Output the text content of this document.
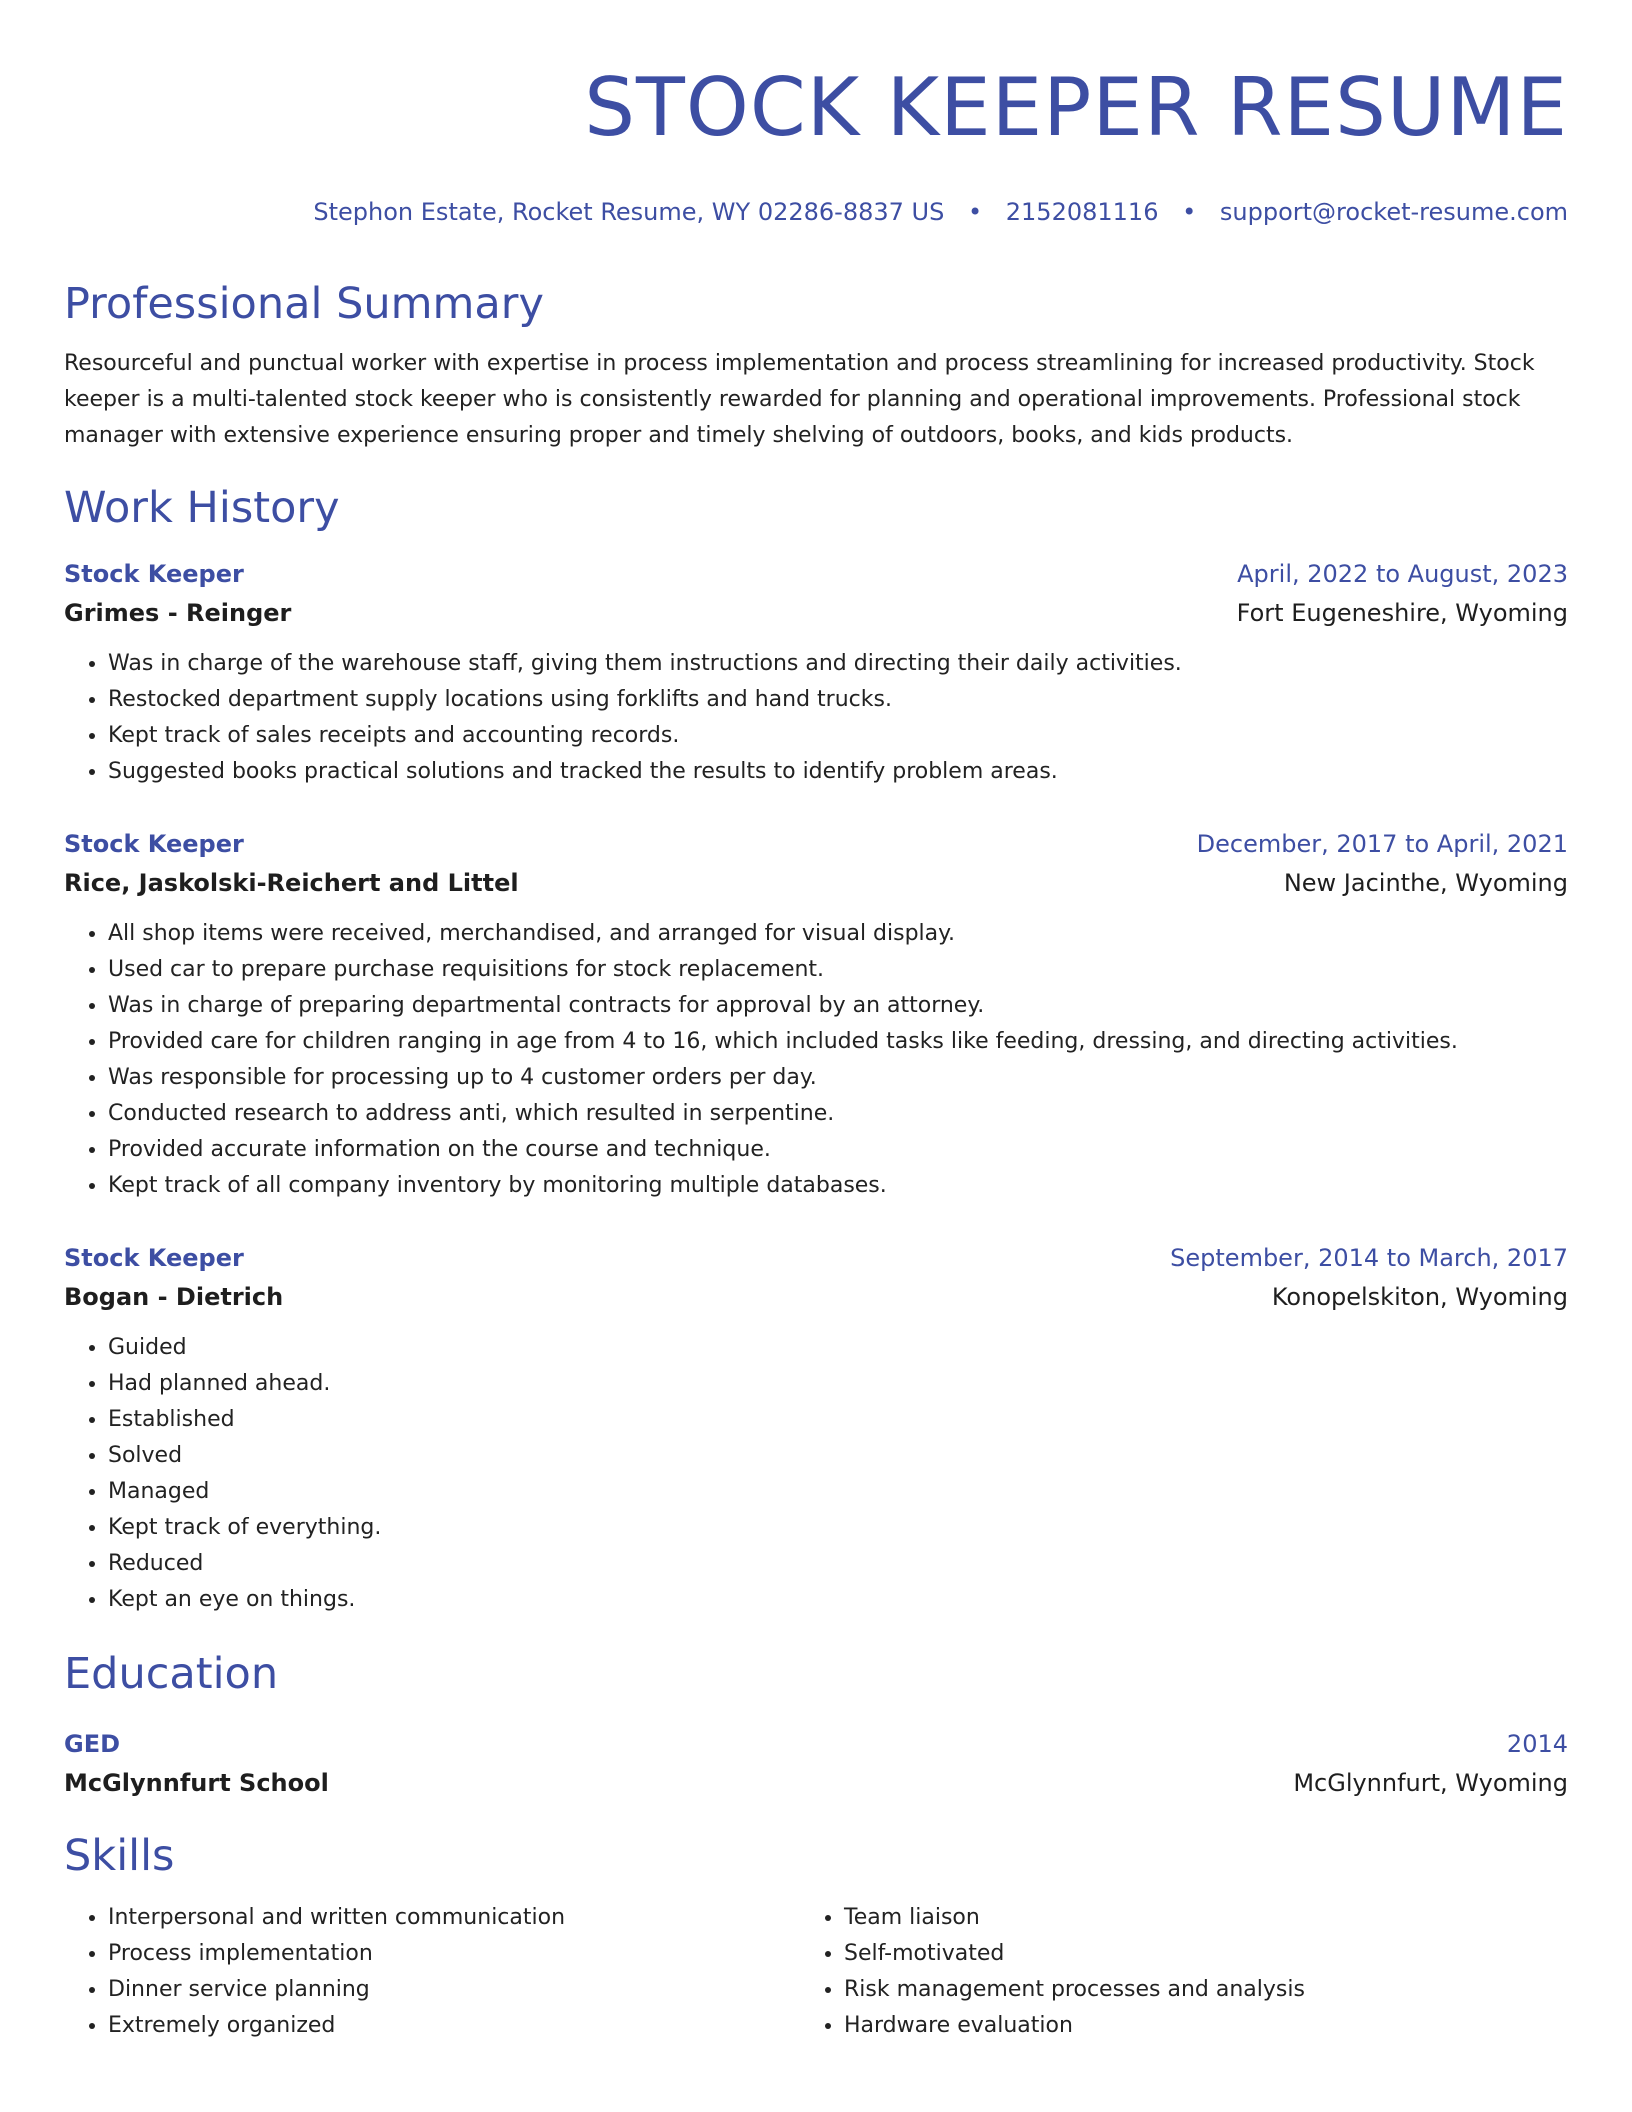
STOCK KEEPER RESUME
Stephon Estate, Rocket Resume, WY 02286-8837 US • 2152081116 • support@rocket-resume.com
Professional Summary
Resourceful and punctual worker with expertise in process implementation and process streamlining for increased productivity. Stock keeper is a multi-talented stock keeper who is consistently rewarded for planning and operational improvements. Professional stock manager with extensive experience ensuring proper and timely shelving of outdoors, books, and kids products.
Work History
Stock Keeper	April, 2022 to August, 2023
Grimes - Reinger	Fort Eugeneshire, Wyoming
• Was in charge of the warehouse staff, giving them instructions and directing their daily activities.
• Restocked department supply locations using forklifts and hand trucks.
• Kept track of sales receipts and accounting records.
• Suggested books practical solutions and tracked the results to identify problem areas.
Stock Keeper	December, 2017 to April, 2021
Rice, Jaskolski-Reichert and Littel	New Jacinthe, Wyoming
• All shop items were received, merchandised, and arranged for visual display.
• Used car to prepare purchase requisitions for stock replacement.
• Was in charge of preparing departmental contracts for approval by an attorney.
• Provided care for children ranging in age from 4 to 16, which included tasks like feeding, dressing, and directing activities.
• Was responsible for processing up to 4 customer orders per day.
• Conducted research to address anti, which resulted in serpentine.
• Provided accurate information on the course and technique.
• Kept track of all company inventory by monitoring multiple databases.
Stock Keeper	September, 2014 to March, 2017
Bogan - Dietrich	Konopelskiton, Wyoming
• Guided
• Had planned ahead.
• Established
• Solved
• Managed
• Kept track of everything.
• Reduced
• Kept an eye on things.
Education
GED	2014
McGlynnfurt School	McGlynnfurt, Wyoming
Skills
• Interpersonal and written communication
• Process implementation
• Dinner service planning
• Extremely organized
• Team liaison
• Self-motivated
• Risk management processes and analysis
• Hardware evaluation
